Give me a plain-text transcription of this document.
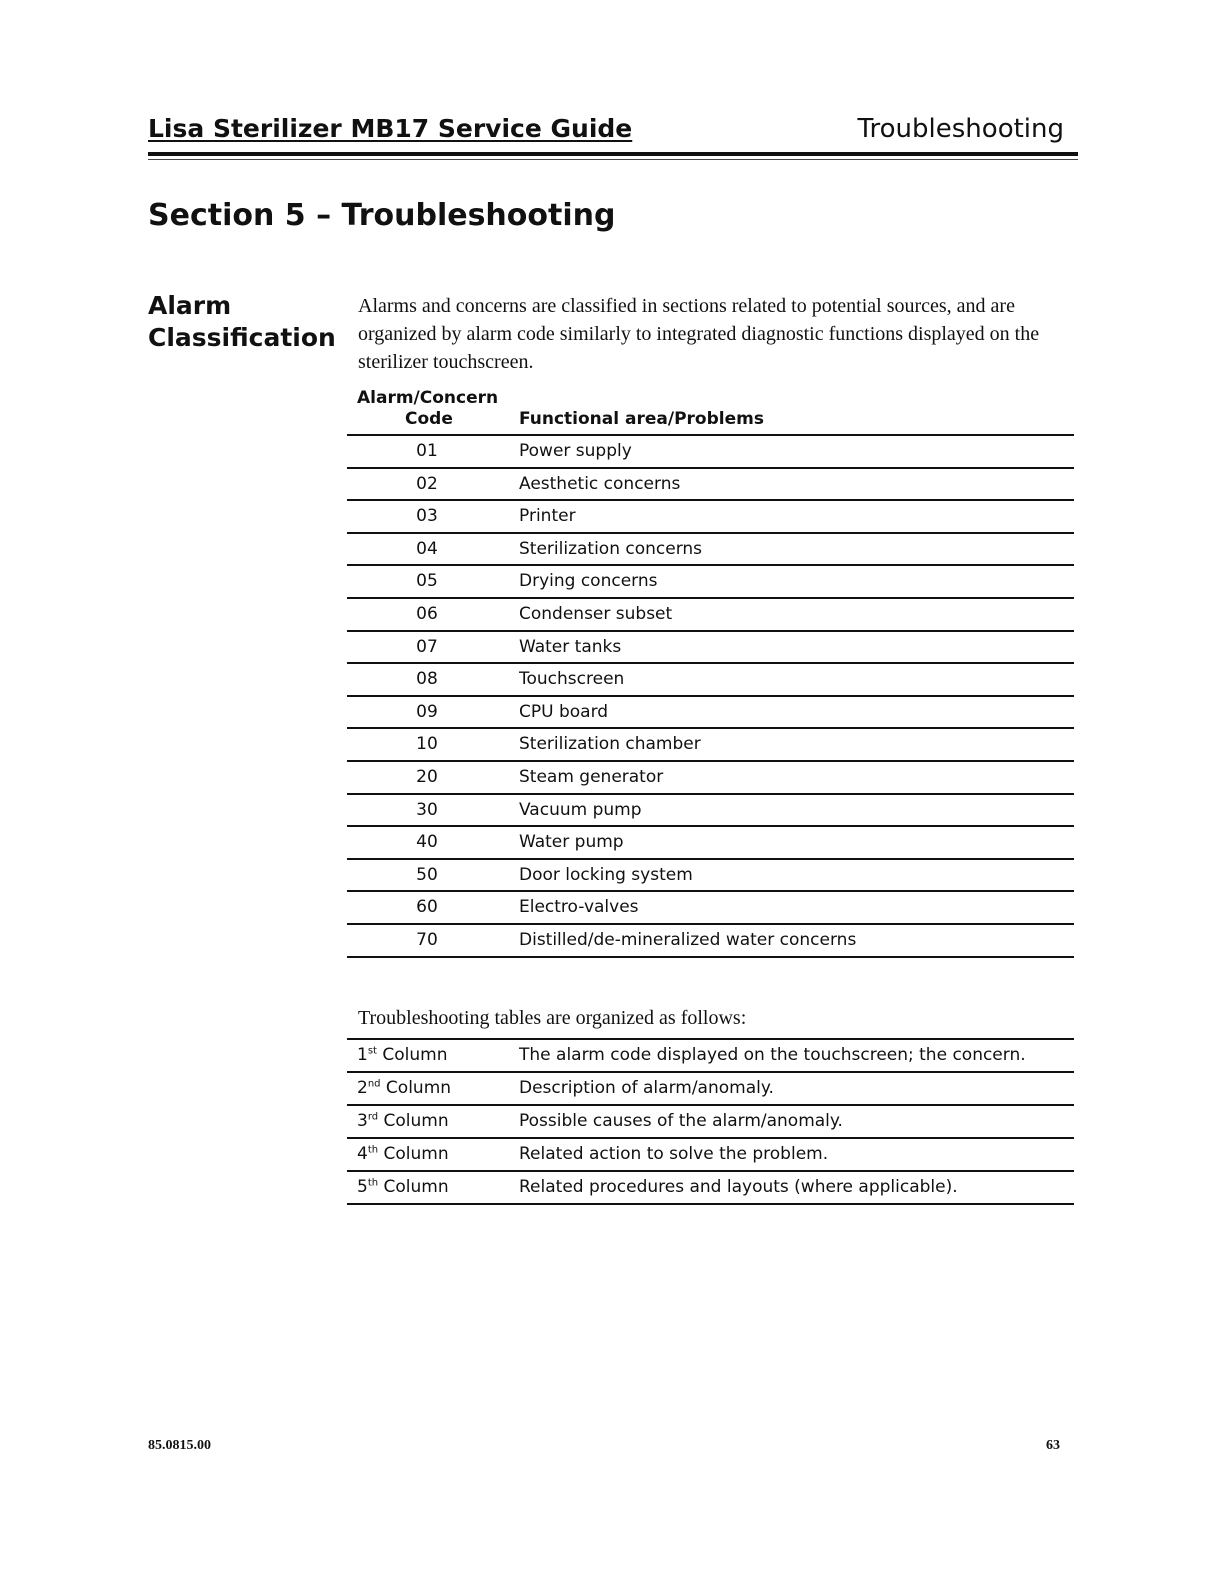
Lisa Sterilizer MB17 Service Guide	Troubleshooting
Section 5 – Troubleshooting
Alarm
Classification
Alarms and concerns are classified in sections related to potential sources, and are organized by alarm code similarly to integrated diagnostic functions displayed on the sterilizer touchscreen.
Alarm/Concern
Code	Functional area/Problems
01	Power supply
02	Aesthetic concerns
03	Printer
04	Sterilization concerns
05	Drying concerns
06	Condenser subset
07	Water tanks
08	Touchscreen
09	CPU board
10	Sterilization chamber
20	Steam generator
30	Vacuum pump
40	Water pump
50	Door locking system
60	Electro-valves
70	Distilled/de-mineralized water concerns
Troubleshooting tables are organized as follows:
1st Column	The alarm code displayed on the touchscreen; the concern.
2nd Column	Description of alarm/anomaly.
3rd Column	Possible causes of the alarm/anomaly.
4th Column	Related action to solve the problem.
5th Column	Related procedures and layouts (where applicable).
85.0815.00	63
